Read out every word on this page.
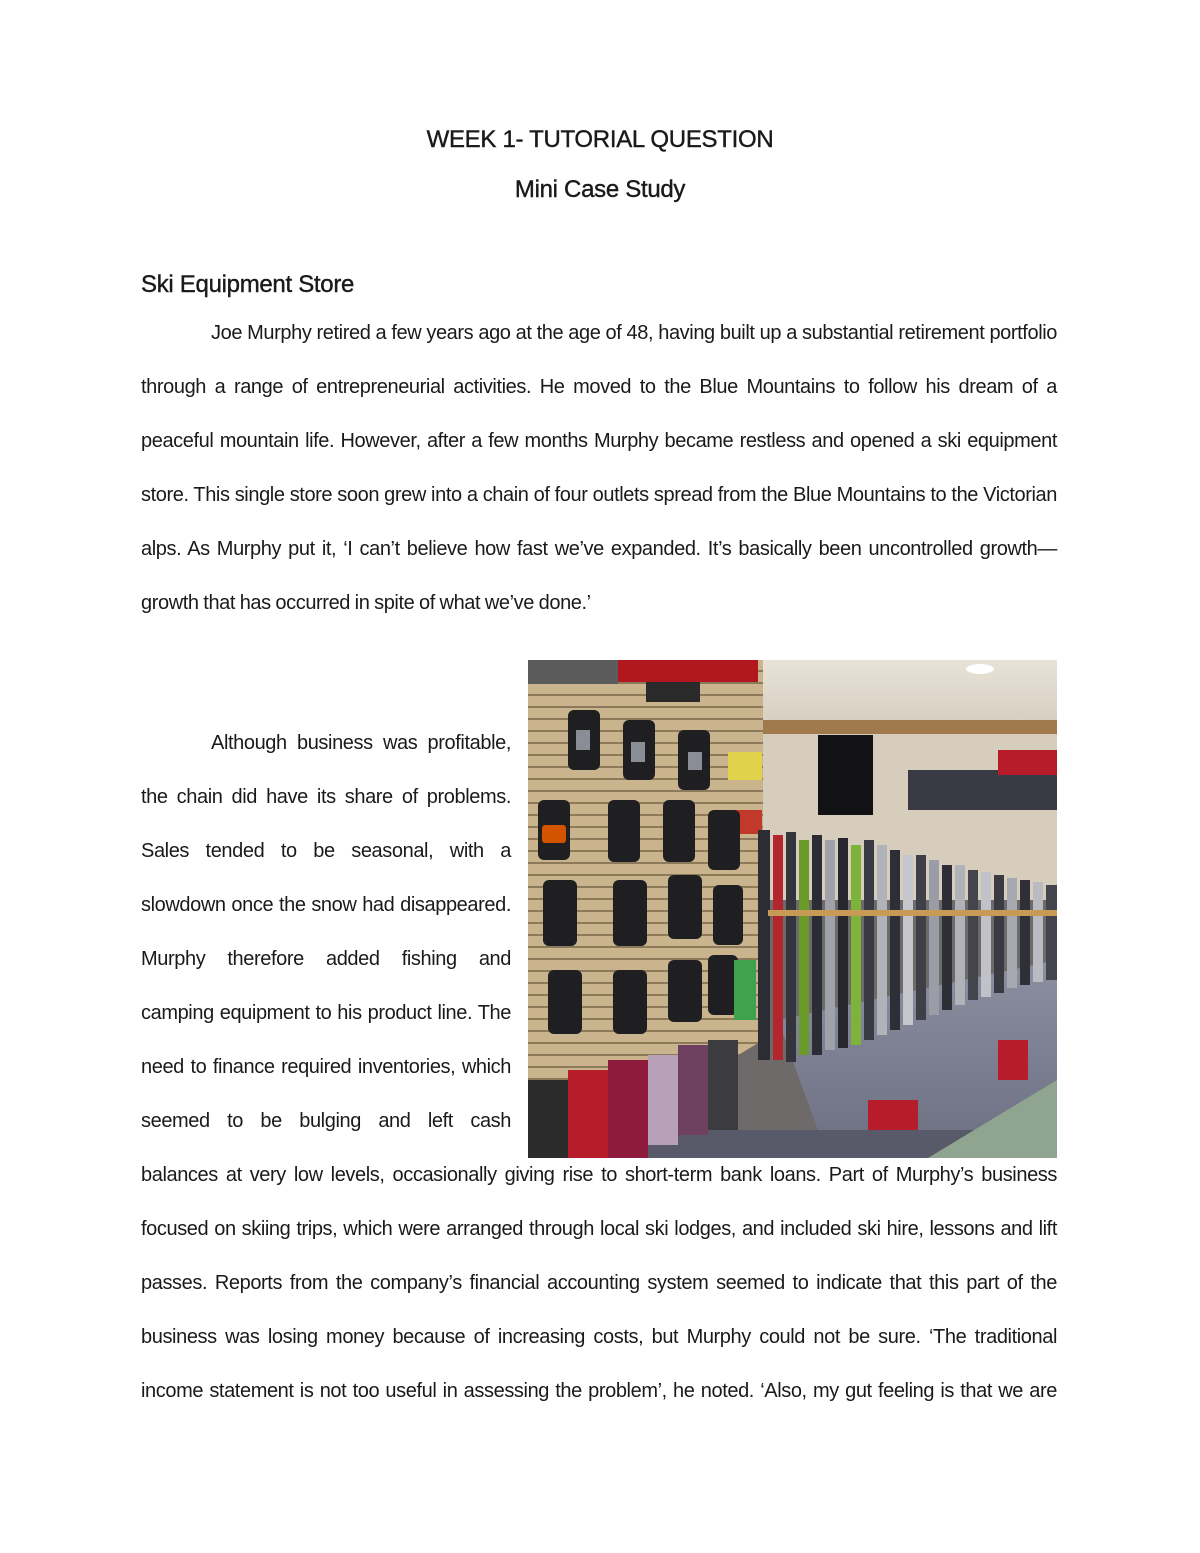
WEEK 1- TUTORIAL QUESTION
Mini Case Study
Ski Equipment Store
Joe Murphy retired a few years ago at the age of 48, having built up a substantial retirement portfolio
through a range of entrepreneurial activities. He moved to the Blue Mountains to follow his dream of a
peaceful mountain life. However, after a few months Murphy became restless and opened a ski equipment
store. This single store soon grew into a chain of four outlets spread from the Blue Mountains to the Victorian
alps. As Murphy put it, ‘I can’t believe how fast we’ve expanded. It’s basically been uncontrolled growth—
growth that has occurred in spite of what we’ve done.’
Although business was profitable,
the chain did have its share of problems.
Sales tended to be seasonal, with a
slowdown once the snow had disappeared.
Murphy therefore added fishing and
camping equipment to his product line. The
need to finance required inventories, which
seemed to be bulging and left cash
balances at very low levels, occasionally giving rise to short-term bank loans. Part of Murphy’s business
focused on skiing trips, which were arranged through local ski lodges, and included ski hire, lessons and lift
passes. Reports from the company’s financial accounting system seemed to indicate that this part of the
business was losing money because of increasing costs, but Murphy could not be sure. ‘The traditional
income statement is not too useful in assessing the problem’, he noted. ‘Also, my gut feeling is that we are
